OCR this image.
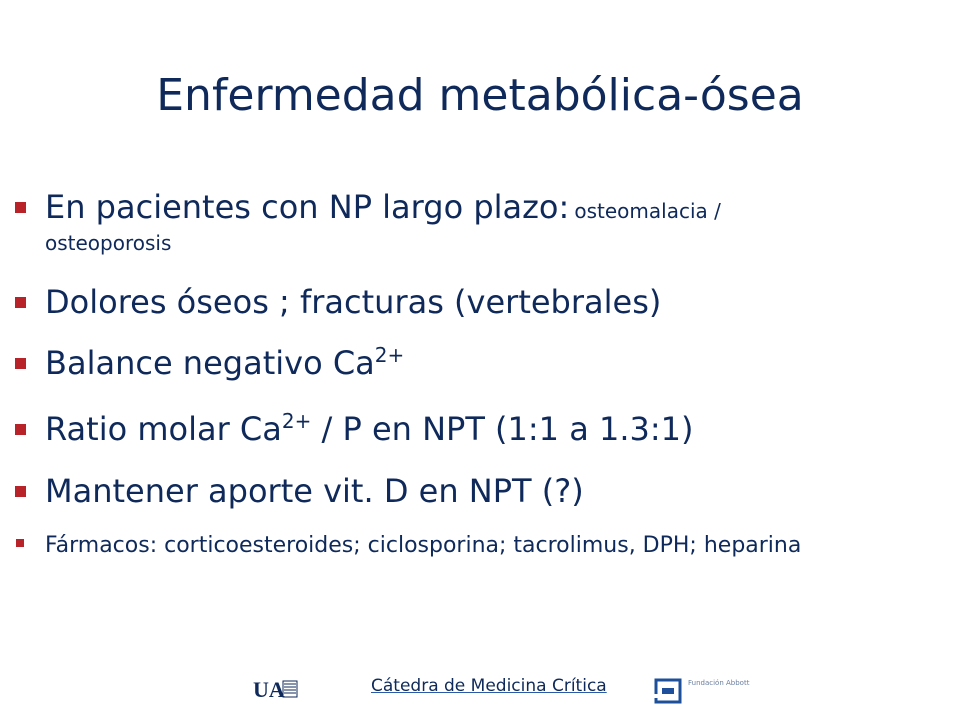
Enfermedad metabólica-ósea
En pacientes con NP largo plazo: osteomalacia /
osteoporosis
Dolores óseos ; fracturas (vertebrales)
Balance negativo $Ca^{2+}$
Ratio molar $Ca^{2+}$ / P en NPT (1:1 a 1.3:1)
Mantener aporte vit. D en NPT (?)
Fármacos: corticoesteroides; ciclosporina; tacrolimus, DPH; heparina
UA	Cátedra de Medicina Crítica	Fundación Abbott
